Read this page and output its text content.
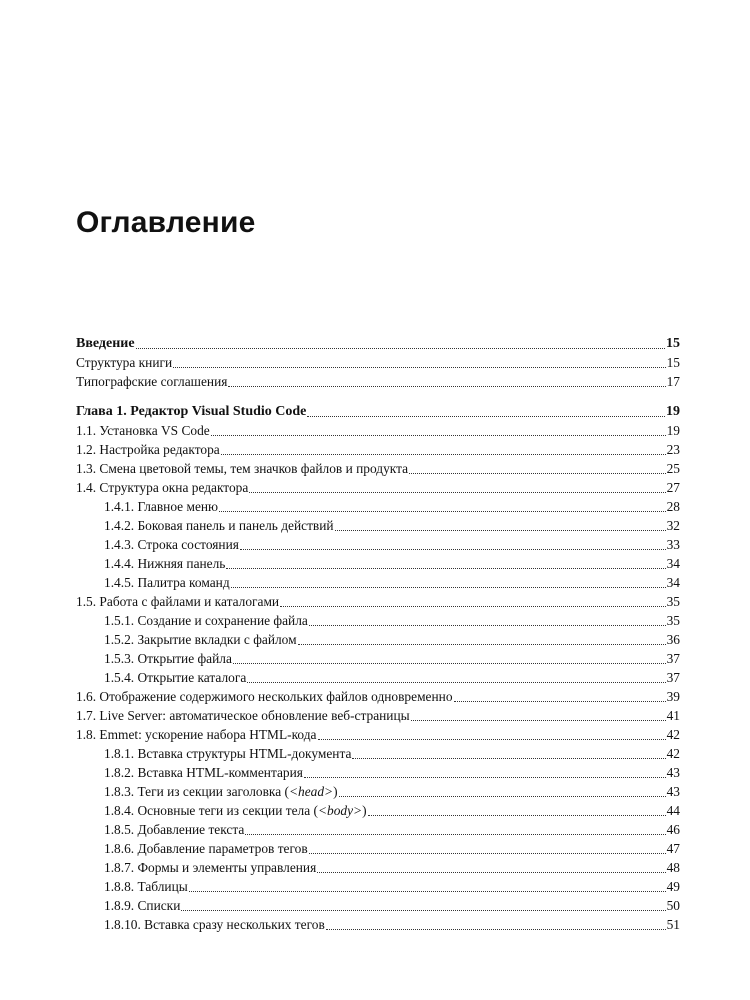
Оглавление
Введение	15
Структура книги	15
Типографские соглашения	17
Глава 1. Редактор Visual Studio Code	19
1.1. Установка VS Code	19
1.2. Настройка редактора	23
1.3. Смена цветовой темы, тем значков файлов и продукта	25
1.4. Структура окна редактора	27
1.4.1. Главное меню	28
1.4.2. Боковая панель и панель действий	32
1.4.3. Строка состояния	33
1.4.4. Нижняя панель	34
1.4.5. Палитра команд	34
1.5. Работа с файлами и каталогами	35
1.5.1. Создание и сохранение файла	35
1.5.2. Закрытие вкладки с файлом	36
1.5.3. Открытие файла	37
1.5.4. Открытие каталога	37
1.6. Отображение содержимого нескольких файлов одновременно	39
1.7. Live Server: автоматическое обновление веб-страницы	41
1.8. Emmet: ускорение набора HTML-кода	42
1.8.1. Вставка структуры HTML-документа	42
1.8.2. Вставка HTML-комментария	43
1.8.3. Теги из секции заголовка (<head>)	43
1.8.4. Основные теги из секции тела (<body>)	44
1.8.5. Добавление текста	46
1.8.6. Добавление параметров тегов	47
1.8.7. Формы и элементы управления	48
1.8.8. Таблицы	49
1.8.9. Списки	50
1.8.10. Вставка сразу нескольких тегов	51
